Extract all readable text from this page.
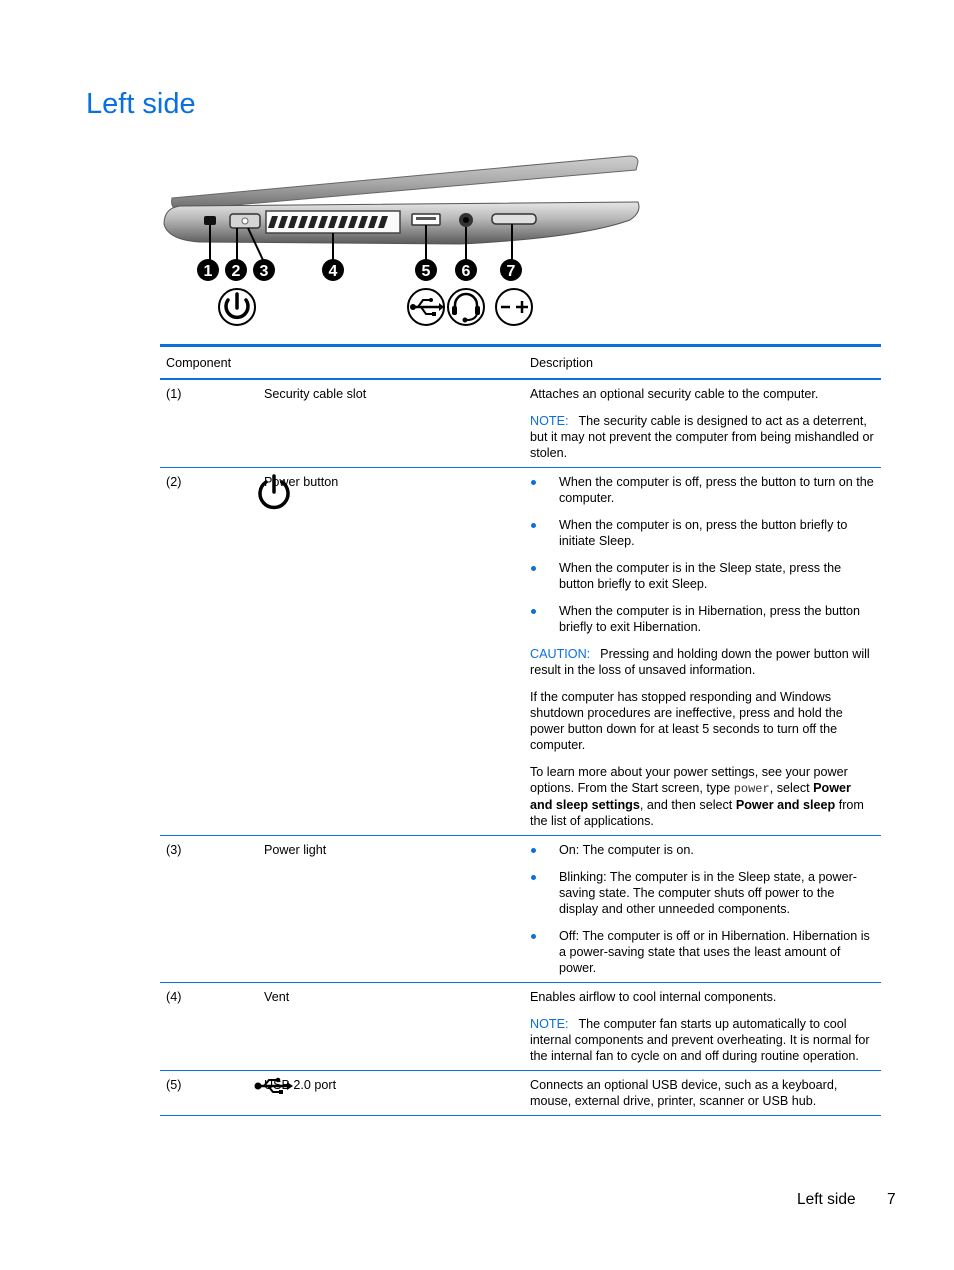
Left side
1 2 3	4	5 6 7
Component	Description
(1)	Security cable slot	Attaches an optional security cable to the computer.

NOTE: The security cable is designed to act as a deterrent, but it may not prevent the computer from being mishandled or stolen.

(2)	Power button	When the computer is off, press the button to turn on the computer.
When the computer is on, press the button briefly to initiate Sleep.
When the computer is in the Sleep state, press the button briefly to exit Sleep.
When the computer is in Hibernation, press the button briefly to exit Hibernation.

CAUTION: Pressing and holding down the power button will result in the loss of unsaved information.

If the computer has stopped responding and Windows shutdown procedures are ineffective, press and hold the power button down for at least 5 seconds to turn off the computer.

To learn more about your power settings, see your power options. From the Start screen, type power, select Power and sleep settings, and then select Power and sleep from the list of applications.

(3)	Power light	On: The computer is on.
Blinking: The computer is in the Sleep state, a power-saving state. The computer shuts off power to the display and other unneeded components.
Off: The computer is off or in Hibernation. Hibernation is a power-saving state that uses the least amount of power.
(4)	Vent	Enables airflow to cool internal components.

NOTE: The computer fan starts up automatically to cool internal components and prevent overheating. It is normal for the internal fan to cycle on and off during routine operation.

(5)	USB 2.0 port	Connects an optional USB device, such as a keyboard, mouse, external drive, printer, scanner or USB hub.

Left side 7
